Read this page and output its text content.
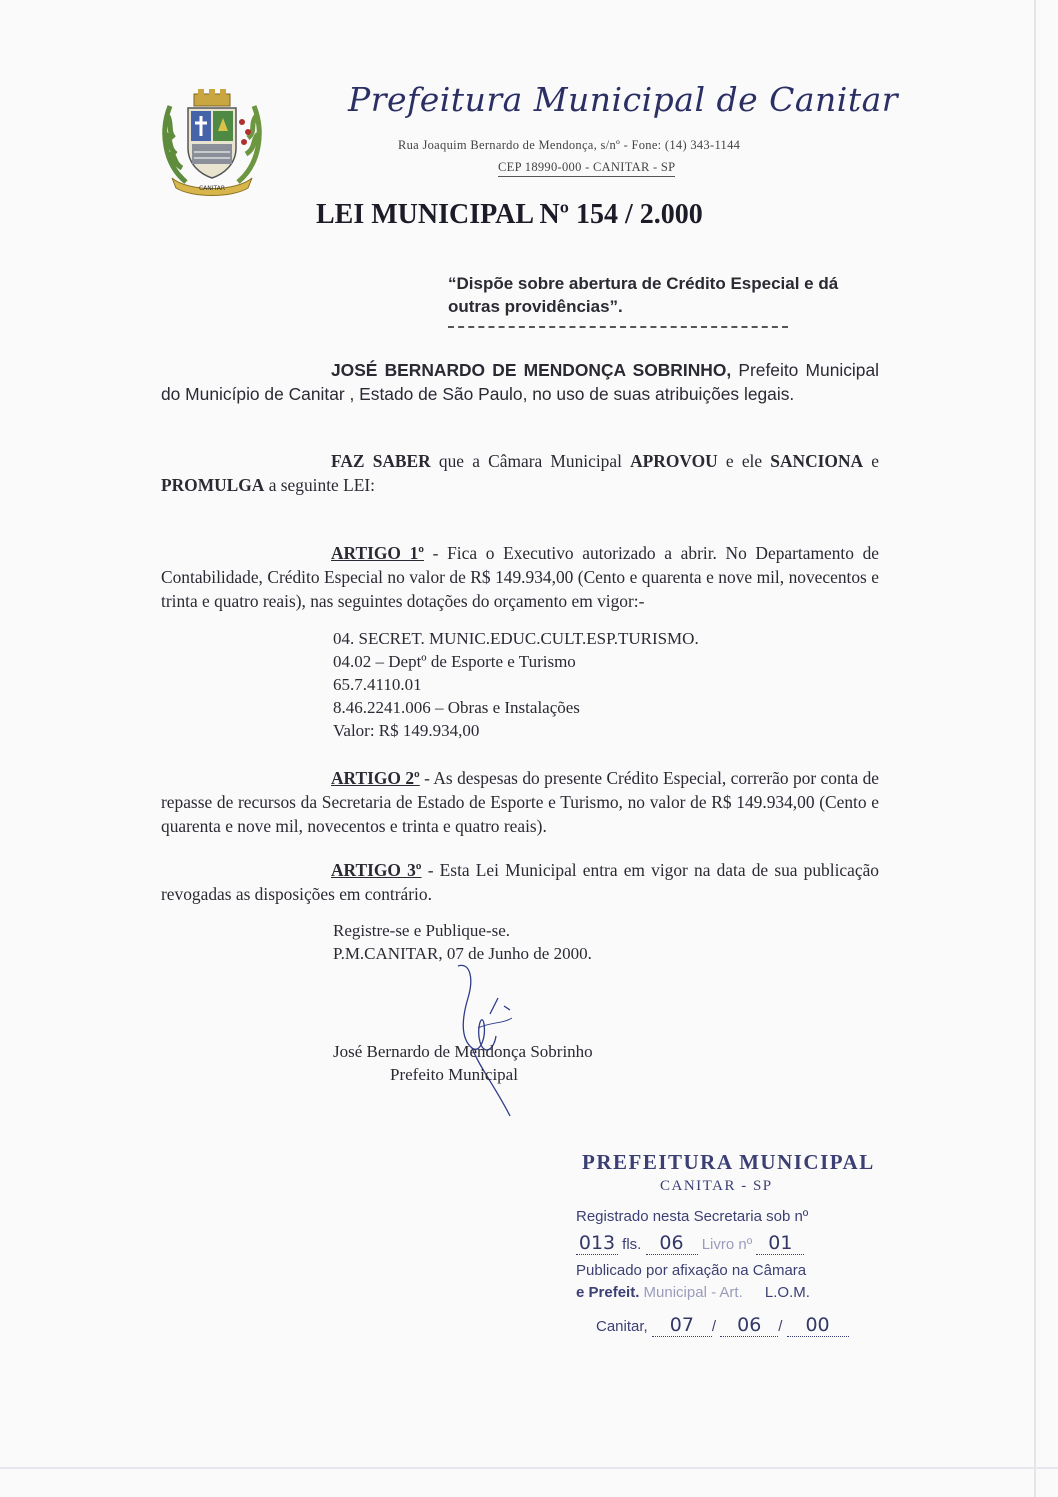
CANITAR
Prefeitura Municipal de Canitar
Rua Joaquim Bernardo de Mendonça, s/nº - Fone: (14) 343-1144
CEP 18990-000 - CANITAR - SP
LEI MUNICIPAL Nº 154 / 2.000
“Dispõe sobre abertura de Crédito Especial e dá outras providências”.
JOSÉ BERNARDO DE MENDONÇA SOBRINHO, Prefeito Municipal do Município de Canitar , Estado de São Paulo, no uso de suas atribuições legais.
FAZ SABER que a Câmara Municipal APROVOU e ele SANCIONA e PROMULGA a seguinte LEI:
ARTIGO 1º - Fica o Executivo autorizado a abrir. No Departamento de Contabilidade, Crédito Especial no valor de R$ 149.934,00 (Cento e quarenta e nove mil, novecentos e trinta e quatro reais), nas seguintes dotações do orçamento em vigor:-
04. SECRET. MUNIC.EDUC.CULT.ESP.TURISMO.
04.02 – Deptº de Esporte e Turismo
65.7.4110.01
8.46.2241.006 – Obras e Instalações
Valor: R$ 149.934,00
ARTIGO 2º - As despesas do presente Crédito Especial, correrão por conta de repasse de recursos da Secretaria de Estado de Esporte e Turismo, no valor de R$ 149.934,00 (Cento e quarenta e nove mil, novecentos e trinta e quatro reais).
ARTIGO 3º - Esta Lei Municipal entra em vigor na data de sua publicação revogadas as disposições em contrário.
Registre-se e Publique-se.
P.M.CANITAR, 07 de Junho de 2000.
José Bernardo de Mendonça Sobrinho
Prefeito Municipal
PREFEITURA MUNICIPAL
CANITAR - SP
Registrado nesta Secretaria sob nº
013 fls. 06 Livro nº 01
Publicado por afixação na Câmara
e Prefeit. Municipal - Art. L.O.M.
Canitar, 07 / 06 / 00
